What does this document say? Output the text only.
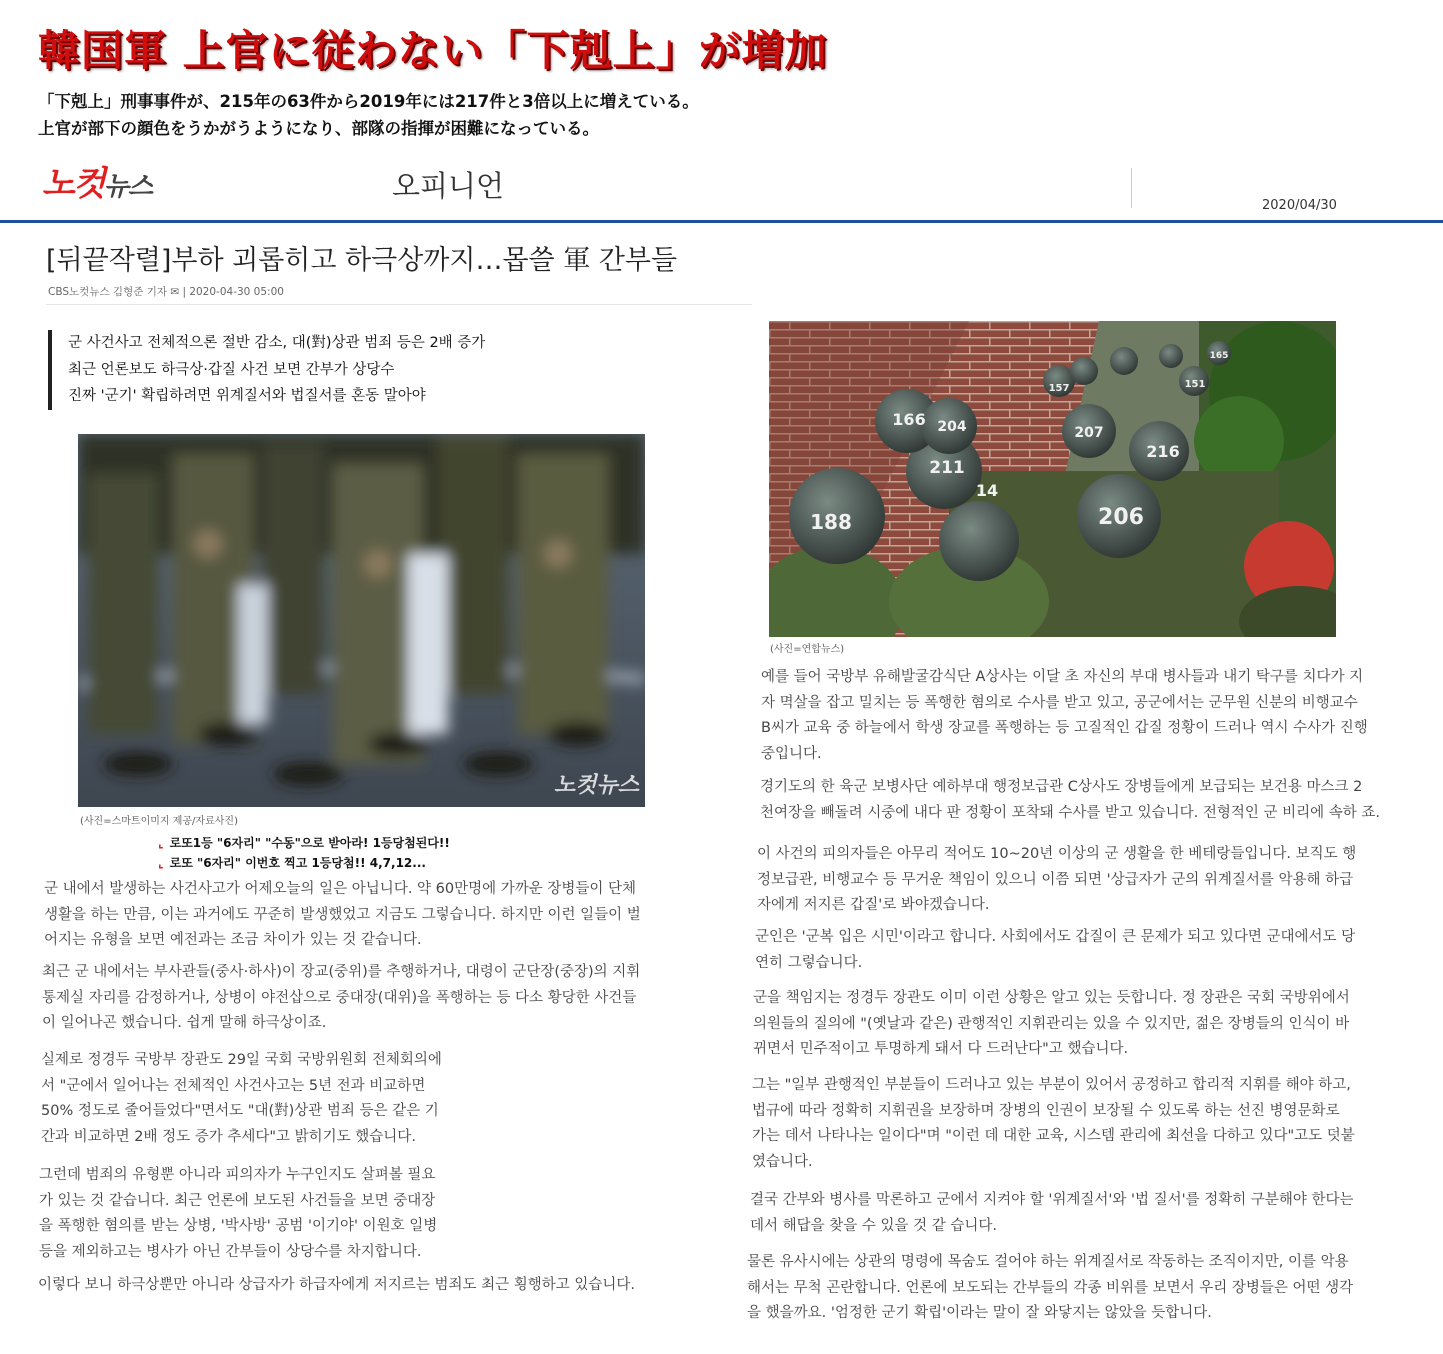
韓国軍 上官に従わない「下剋上」が増加
「下剋上」刑事事件が、215年の63件から2019年には217件と3倍以上に増えている。
上官が部下の顔色をうかがうようになり、部隊の指揮が困難になっている。
노컷뉴스	오피니언
2020/04/30
[뒤끝작렬]부하 괴롭히고 하극상까지…몹쓸 軍 간부들
CBS노컷뉴스 김형준 기자 ✉ | 2020-04-30 05:00
군 사건사고 전체적으론 절반 감소, 대(對)상관 범죄 등은 2배 증가
최근 언론보도 하극상·갑질 사건 보면 간부가 상당수
진짜 '군기' 확립하려면 위계질서와 법질서를 혼동 말아야
노컷뉴스
(사진=스마트이미지 제공/자료사진)
⌞ 로또1등 "6자리" "수동"으로 받아라! 1등당첨된다!!
⌞ 로또 "6자리" 이번호 찍고 1등당첨!! 4,7,12...
군 내에서 발생하는 사건사고가 어제오늘의 일은 아닙니다. 약 60만명에 가까운 장병들이 단체
생활을 하는 만큼, 이는 과거에도 꾸준히 발생했었고 지금도 그렇습니다. 하지만 이런 일들이 벌
어지는 유형을 보면 예전과는 조금 차이가 있는 것 같습니다.
최근 군 내에서는 부사관들(중사·하사)이 장교(중위)를 추행하거나, 대령이 군단장(중장)의 지휘
통제실 자리를 감정하거나, 상병이 야전삽으로 중대장(대위)을 폭행하는 등 다소 황당한 사건들
이 일어나곤 했습니다. 쉽게 말해 하극상이죠.
실제로 정경두 국방부 장관도 29일 국회 국방위원회 전체회의에
서 "군에서 일어나는 전체적인 사건사고는 5년 전과 비교하면
50% 정도로 줄어들었다"면서도 "대(對)상관 범죄 등은 같은 기
간과 비교하면 2배 정도 증가 추세다"고 밝히기도 했습니다.
그런데 범죄의 유형뿐 아니라 피의자가 누구인지도 살펴볼 필요
가 있는 것 같습니다. 최근 언론에 보도된 사건들을 보면 중대장
을 폭행한 혐의를 받는 상병, '박사방' 공범 '이기야' 이원호 일병
등을 제외하고는 병사가 아닌 간부들이 상당수를 차지합니다.
이렇다 보니 하극상뿐만 아니라 상급자가 하급자에게 저지르는 범죄도 최근 횡행하고 있습니다.
166 204
211
14
188	206
207
216
157	151
165
(사진=연합뉴스)
예를 들어 국방부 유해발굴감식단 A상사는 이달 초 자신의 부대 병사들과 내기 탁구를 치다가 지
자 멱살을 잡고 밀치는 등 폭행한 혐의로 수사를 받고 있고, 공군에서는 군무원 신분의 비행교수
B씨가 교육 중 하늘에서 학생 장교를 폭행하는 등 고질적인 갑질 정황이 드러나 역시 수사가 진행
중입니다.
경기도의 한 육군 보병사단 예하부대 행정보급관 C상사도 장병들에게 보급되는 보건용 마스크 2
천여장을 빼돌려 시중에 내다 판 정황이 포착돼 수사를 받고 있습니다. 전형적인 군 비리에 속하 죠.
이 사건의 피의자들은 아무리 적어도 10~20년 이상의 군 생활을 한 베테랑들입니다. 보직도 행
정보급관, 비행교수 등 무거운 책임이 있으니 이쯤 되면 '상급자가 군의 위계질서를 악용해 하급
자에게 저지른 갑질'로 봐야겠습니다.
군인은 '군복 입은 시민'이라고 합니다. 사회에서도 갑질이 큰 문제가 되고 있다면 군대에서도 당
연히 그렇습니다.
군을 책임지는 정경두 장관도 이미 이런 상황은 알고 있는 듯합니다. 정 장관은 국회 국방위에서
의원들의 질의에 "(옛날과 같은) 관행적인 지휘관리는 있을 수 있지만, 젊은 장병들의 인식이 바
뀌면서 민주적이고 투명하게 돼서 다 드러난다"고 했습니다.
그는 "일부 관행적인 부분들이 드러나고 있는 부분이 있어서 공정하고 합리적 지휘를 해야 하고,
법규에 따라 정확히 지휘권을 보장하며 장병의 인권이 보장될 수 있도록 하는 선진 병영문화로
가는 데서 나타나는 일이다"며 "이런 데 대한 교육, 시스템 관리에 최선을 다하고 있다"고도 덧붙
였습니다.
결국 간부와 병사를 막론하고 군에서 지켜야 할 '위계질서'와 '법 질서'를 정확히 구분해야 한다는
데서 해답을 찾을 수 있을 것 같 습니다.
물론 유사시에는 상관의 명령에 목숨도 걸어야 하는 위계질서로 작동하는 조직이지만, 이를 악용
해서는 무척 곤란합니다. 언론에 보도되는 간부들의 각종 비위를 보면서 우리 장병들은 어떤 생각
을 했을까요. '엄정한 군기 확립'이라는 말이 잘 와닿지는 않았을 듯합니다.
